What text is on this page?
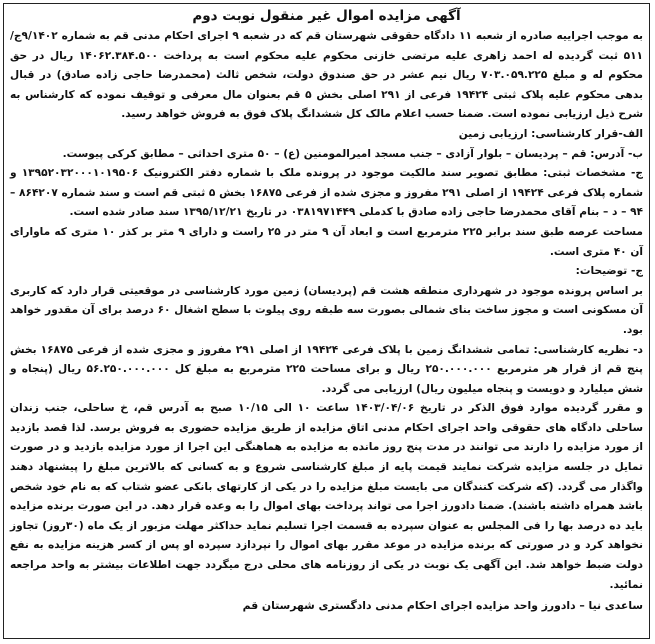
آگهی مزایده اموال غیر منقول نوبت دوم

به موجب اجراییه صادره از شعبه ۱۱ دادگاه حقوقی شهرستان قم که در شعبه ۹ اجرای احکام مدنی قم به شماره ۹/۱۴۰۲ج/۵۱۱ ثبت گردیده له احمد زاهری علیه مرتضی خازنی محکوم علیه محکوم است به پرداخت ۱۴۰۶۲.۳۸۴.۵۰۰ ریال در حق محکوم له و مبلغ ۷۰۳.۰۵۹.۲۲۵ ریال نیم عشر در حق صندوق دولت، شخص ثالث (محمدرضا حاجی زاده صادق) در قبال بدهی محکوم علیه پلاک ثبتی ۱۹۴۲۴ فرعی از ۲۹۱ اصلی بخش ۵ قم بعنوان مال معرفی و توقیف نموده که کارشناس به شرح ذیل ارزیابی نموده است. ضمنا حسب اعلام مالک کل ششدانگ پلاک فوق به فروش خواهد رسید.

الف-قرار کارشناسی: ارزیابی زمین

ب- آدرس: قم – پردیسان – بلوار آزادی – جنب مسجد امیرالمومنین (ع) – ۵۰ متری احداثی – مطابق کرکی پیوست.

ج- مشخصات ثبتی: مطابق تصویر سند مالکیت موجود در پرونده ملک با شماره دفتر الکترونیک ۱۳۹۵۲۰۳۲۰۰۰۱۰۱۹۵۰۶ و شماره پلاک فرعی ۱۹۴۲۴ از اصلی ۲۹۱ مفروز و مجزی شده از فرعی ۱۶۸۷۵ بخش ۵ ثبتی قم است و سند شماره ۸۶۴۲۰۷ – ۹۴ – د – بنام آقای محمدرضا حاجی زاده صادق با کدملی ۰۳۸۱۹۷۱۴۴۹ در تاریخ ۱۳۹۵/۱۲/۲۱ سند صادر شده است.

مساحت عرصه طبق سند برابر ۲۲۵ مترمربع است و ابعاد آن ۹ متر در ۲۵ راست و دارای ۹ متر بر کذر ۱۰ متری که ماوارای آن ۴۰ متری است.

ج- توضیحات:

بر اساس پرونده موجود در شهرداری منطقه هشت قم (پردیسان) زمین مورد کارشناسی در موقعیتی قرار دارد که کاربری آن مسکونی است و مجوز ساخت بنای شمالی بصورت سه طبقه روی پیلوت با سطح اشغال ۶۰ درصد برای آن مقدور خواهد بود.

د- نظریه کارشناسی: تمامی ششدانگ زمین با پلاک فرعی ۱۹۴۲۴ از اصلی ۲۹۱ مفروز و مجزی شده از فرعی ۱۶۸۷۵ بخش پنج قم از قرار هر مترمربع ۲۵۰.۰۰۰.۰۰۰ ریال و برای مساحت ۲۲۵ مترمربع به مبلغ کل ۵۶.۲۵۰.۰۰۰.۰۰۰ ریال (پنجاه و شش میلیارد و دویست و پنجاه میلیون ریال) ارزیابی می گردد.

و مقرر گردیده موارد فوق الذکر در تاریخ ۱۴۰۳/۰۴/۰۶ ساعت ۱۰ الی ۱۰/۱۵ صبح به آدرس قم، خ ساحلی، جنب زندان ساحلی دادگاه های حقوقی واحد اجرای احکام مدنی اتاق مزایده از طریق مزایده حضوری به فروش برسد. لذا قصد بازدید از مورد مزایده را دارند می توانند در مدت پنج روز مانده به مزایده به هماهنگی این اجرا از مورد مزایده بازدید و در صورت تمایل در جلسه مزایده شرکت نمایند قیمت پایه از مبلغ کارشناسی شروع و به کسانی که بالاترین مبلغ را پیشنهاد دهند واگذار می گردد. (که شرکت کنندگان می بایست مبلغ مزایده را در یکی از کارتهای بانکی عضو شتاب که به نام خود شخص باشد همراه داشته باشند). ضمنا دادورز اجرا می تواند پرداخت بهای اموال را به وعده قرار دهد. در این صورت برنده مزایده باید ده درصد بها را فی المجلس به عنوان سپرده به قسمت اجرا تسلیم نماید حداکثر مهلت مزبور از یک ماه (۳۰روز) تجاوز نخواهد کرد و در صورتی که برنده مزایده در موعد مقرر بهای اموال را نپردازد سپرده او پس از کسر هزینه مزایده به نفع دولت ضبط خواهد شد. این آگهی یک نوبت در یکی از روزنامه های محلی درج میگردد جهت اطلاعات بیشتر به واحد مراجعه نمائید.

ساعدی نیا – دادورز واحد مزایده اجرای احکام مدنی دادگستری شهرستان قم
